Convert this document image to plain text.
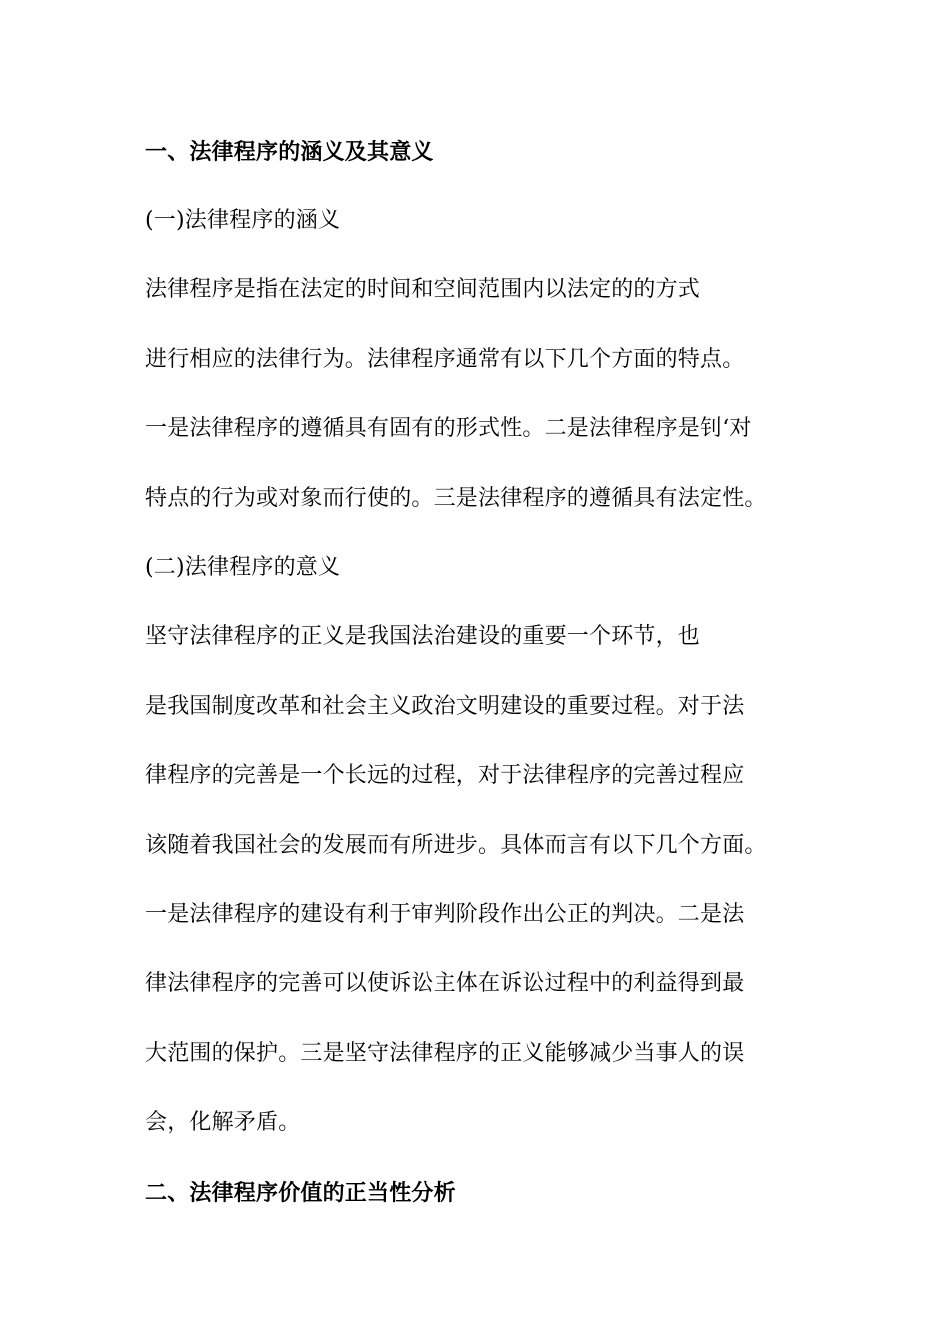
一、法律程序的涵义及其意义
(一)法律程序的涵义
法律程序是指在法定的时间和空间范围内以法定的的方式
进行相应的法律行为。法律程序通常有以下几个方面的特点。
一是法律程序的遵循具有固有的形式性。二是法律程序是钊‘对
特点的行为或对象而行使的。三是法律程序的遵循具有法定性。
(二)法律程序的意义
坚守法律程序的正义是我国法治建设的重要一个环节，也
是我国制度改革和社会主义政治文明建设的重要过程。对于法
律程序的完善是一个长远的过程，对于法律程序的完善过程应
该随着我国社会的发展而有所进步。具体而言有以下几个方面。
一是法律程序的建设有利于审判阶段作出公正的判决。二是法
律法律程序的完善可以使诉讼主体在诉讼过程中的利益得到最
大范围的保护。三是坚守法律程序的正义能够减少当事人的误
会，化解矛盾。
二、法律程序价值的正当性分析
